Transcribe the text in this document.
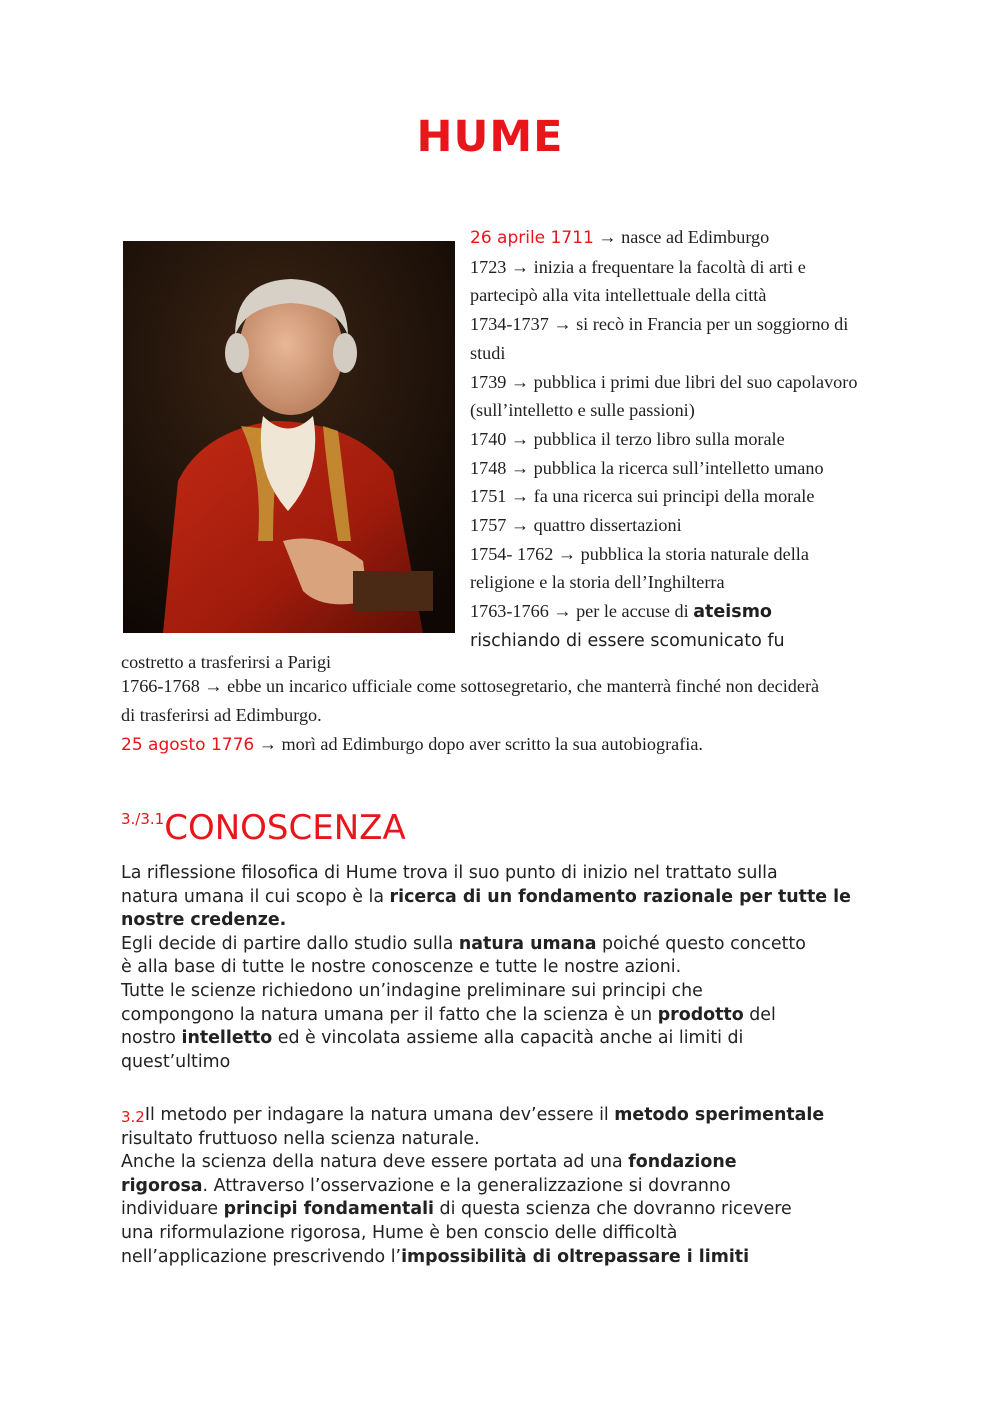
HUME
26 aprile 1711 → nasce ad Edimburgo
1723 → inizia a frequentare la facoltà di arti e
partecipò alla vita intellettuale della città
1734-1737 → si recò in Francia per un soggiorno di
studi
1739 → pubblica i primi due libri del suo capolavoro
(sull’intelletto e sulle passioni)
1740 → pubblica il terzo libro sulla morale
1748 → pubblica la ricerca sull’intelletto umano
1751 → fa una ricerca sui principi della morale
1757 → quattro dissertazioni
1754- 1762 → pubblica la storia naturale della
religione e la storia dell’Inghilterra
1763-1766 → per le accuse di ateismo
rischiando di essere scomunicato fu
costretto a trasferirsi a Parigi
1766-1768 → ebbe un incarico ufficiale come sottosegretario, che manterrà finché non deciderà
di trasferirsi ad Edimburgo.
25 agosto 1776 → morì ad Edimburgo dopo aver scritto la sua autobiografia.
$^{3./3.1}$CONOSCENZA
La riflessione filosofica di Hume trova il suo punto di inizio nel trattato sulla
natura umana il cui scopo è la ricerca di un fondamento razionale per tutte le
nostre credenze.
Egli decide di partire dallo studio sulla natura umana poiché questo concetto
è alla base di tutte le nostre conoscenze e tutte le nostre azioni.
Tutte le scienze richiedono un’indagine preliminare sui principi che
compongono la natura umana per il fatto che la scienza è un prodotto del
nostro intelletto ed è vincolata assieme alla capacità anche ai limiti di
quest’ultimo
3.2Il metodo per indagare la natura umana dev’essere il metodo sperimentale
risultato fruttuoso nella scienza naturale.
Anche la scienza della natura deve essere portata ad una fondazione
rigorosa. Attraverso l’osservazione e la generalizzazione si dovranno
individuare principi fondamentali di questa scienza che dovranno ricevere
una riformulazione rigorosa, Hume è ben conscio delle difficoltà
nell’applicazione prescrivendo l’impossibilità di oltrepassare i limiti
